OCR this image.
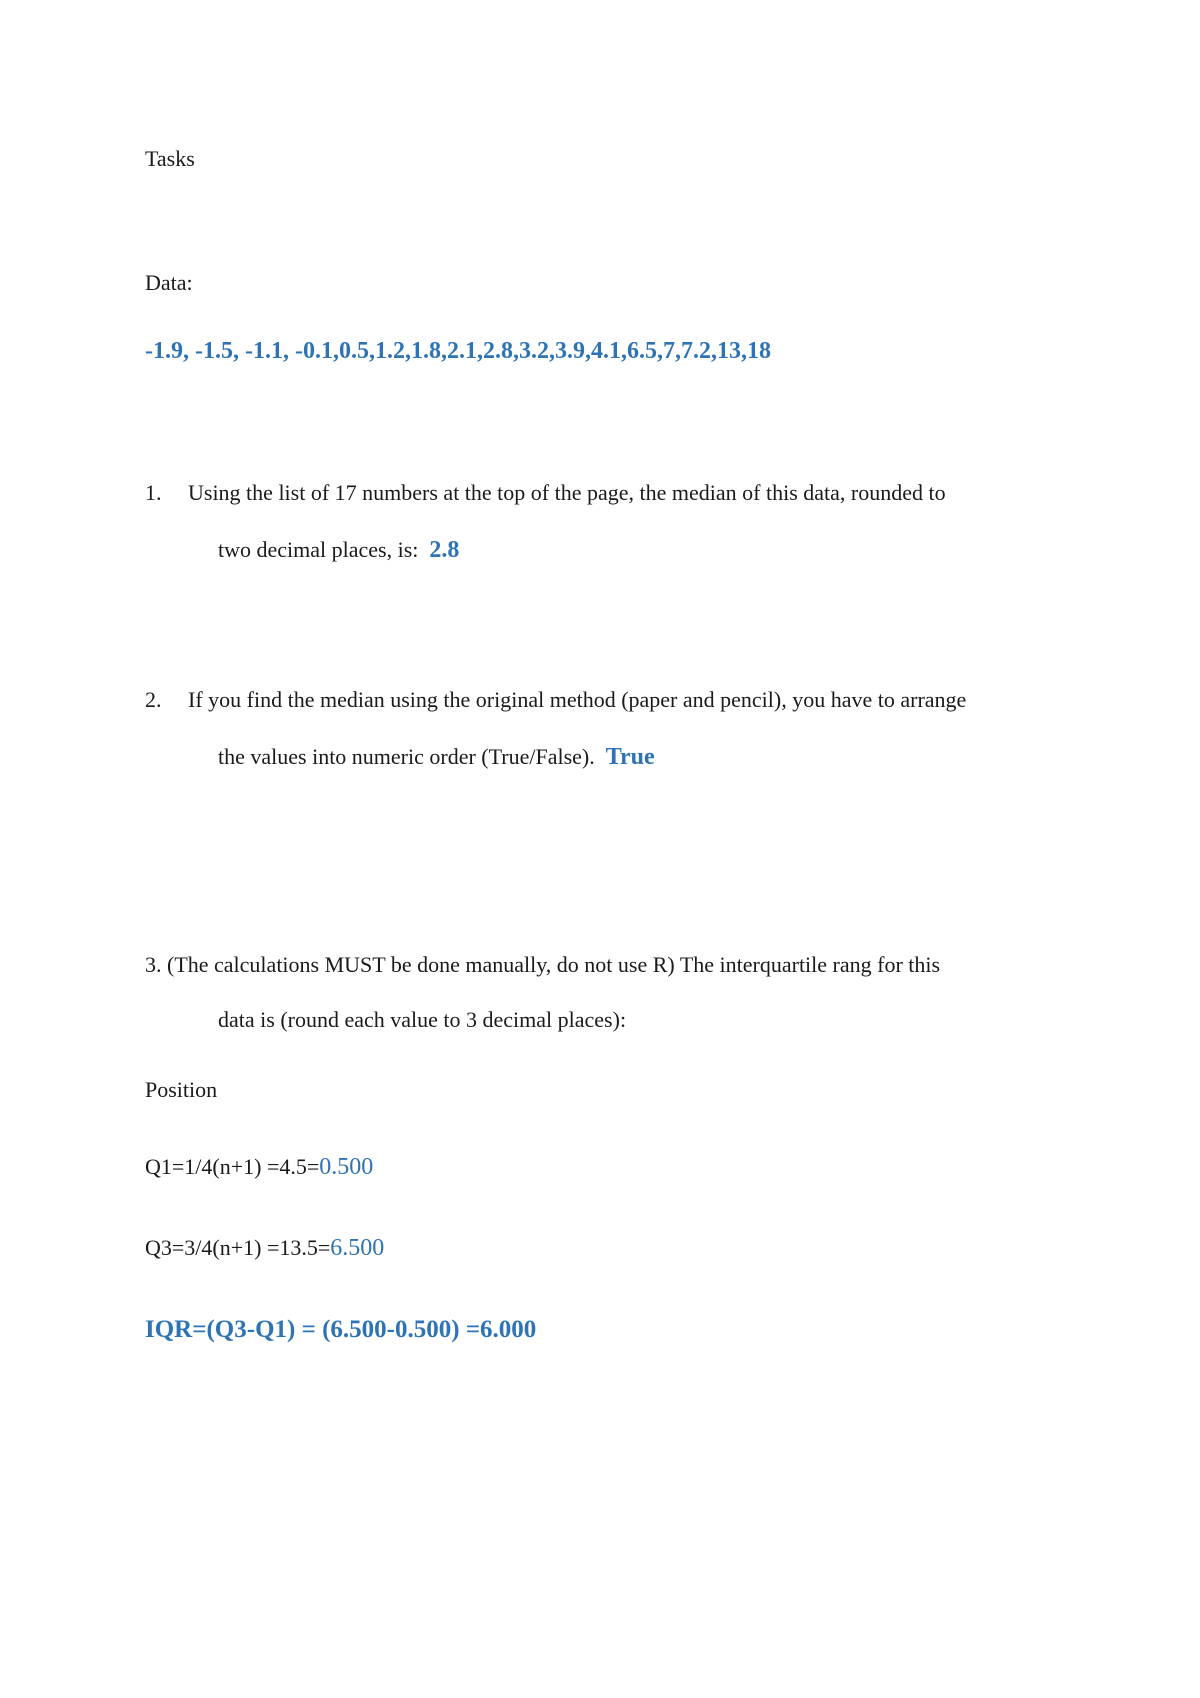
Tasks
Data:
-1.9, -1.5, -1.1, -0.1,0.5,1.2,1.8,2.1,2.8,3.2,3.9,4.1,6.5,7,7.2,13,18
1. Using the list of 17 numbers at the top of the page, the median of this data, rounded to
two decimal places, is: 2.8
2. If you find the median using the original method (paper and pencil), you have to arrange
the values into numeric order (True/False). True
3. (The calculations MUST be done manually, do not use R) The interquartile rang for this
data is (round each value to 3 decimal places):
Position
Q1=1/4(n+1) =4.5=0.500
Q3=3/4(n+1) =13.5=6.500
IQR=(Q3-Q1) = (6.500-0.500) =6.000
